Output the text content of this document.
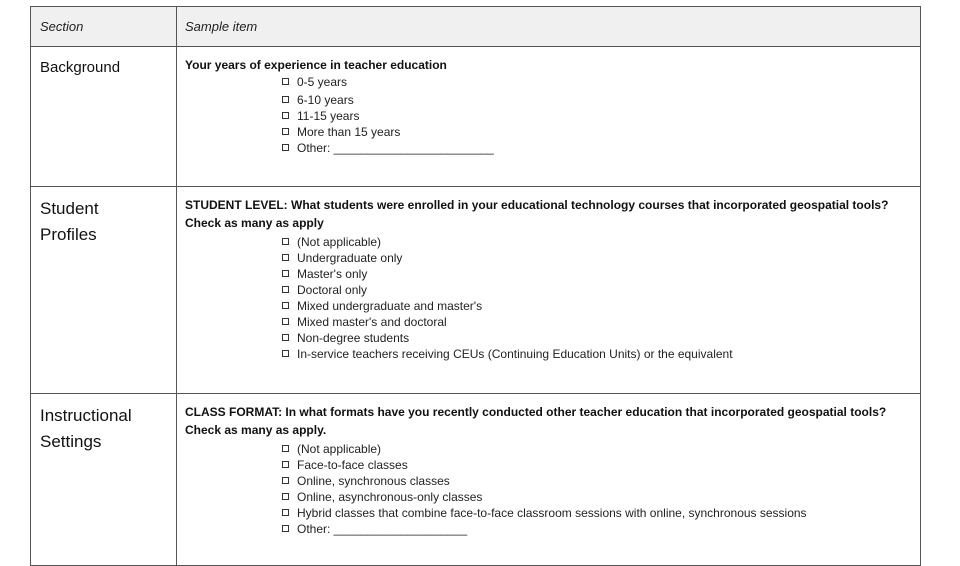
Section	Sample item
Background	Your years of experience in teacher education
0-5 years
6-10 years
11-15 years
More than 15 years
Other: ________________________
Student
Profiles
STUDENT LEVEL: What students were enrolled in your educational technology courses that incorporated geospatial tools? Check as many as apply
(Not applicable)
Undergraduate only
Master's only
Doctoral only
Mixed undergraduate and master's
Mixed master's and doctoral
Non-degree students
In-service teachers receiving CEUs (Continuing Education Units) or the equivalent
Instructional
Settings
CLASS FORMAT: In what formats have you recently conducted other teacher education that incorporated geospatial tools? Check as many as apply.
(Not applicable)
Face-to-face classes
Online, synchronous classes
Online, asynchronous-only classes
Hybrid classes that combine face-to-face classroom sessions with online, synchronous sessions
Other: ____________________
